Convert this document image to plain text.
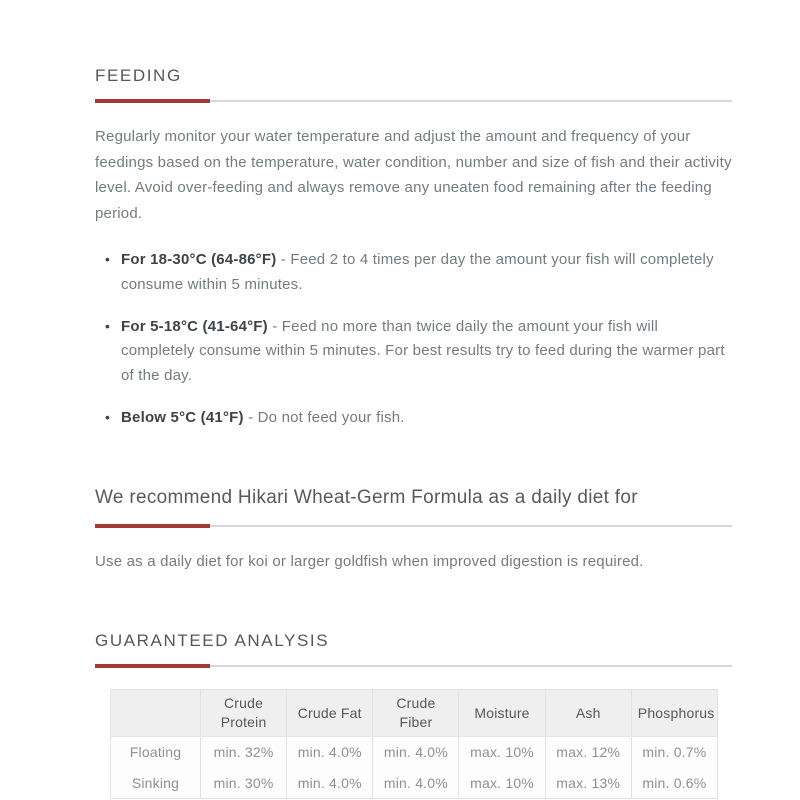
FEEDING

Regularly monitor your water temperature and adjust the amount and frequency of your feedings based on the temperature, water condition, number and size of fish and their activity level. Avoid over-feeding and always remove any uneaten food remaining after the feeding period.

• For 18-30°C (64-86°F) - Feed 2 to 4 times per day the amount your fish will completely consume within 5 minutes.
• For 5-18°C (41-64°F) - Feed no more than twice daily the amount your fish will completely consume within 5 minutes. For best results try to feed during the warmer part of the day.
• Below 5°C (41°F) - Do not feed your fish.
We recommend Hikari Wheat-Germ Formula as a daily diet for

Use as a daily diet for koi or larger goldfish when improved digestion is required.

GUARANTEED ANALYSIS
	Crude Protein	Crude Fat	Crude Fiber	Moisture	Ash	Phosphorus
Floating	min. 32%	min. 4.0%	min. 4.0%	max. 10%	max. 12%	min. 0.7%
Sinking	min. 30%	min. 4.0%	min. 4.0%	max. 10%	max. 13%	min. 0.6%
